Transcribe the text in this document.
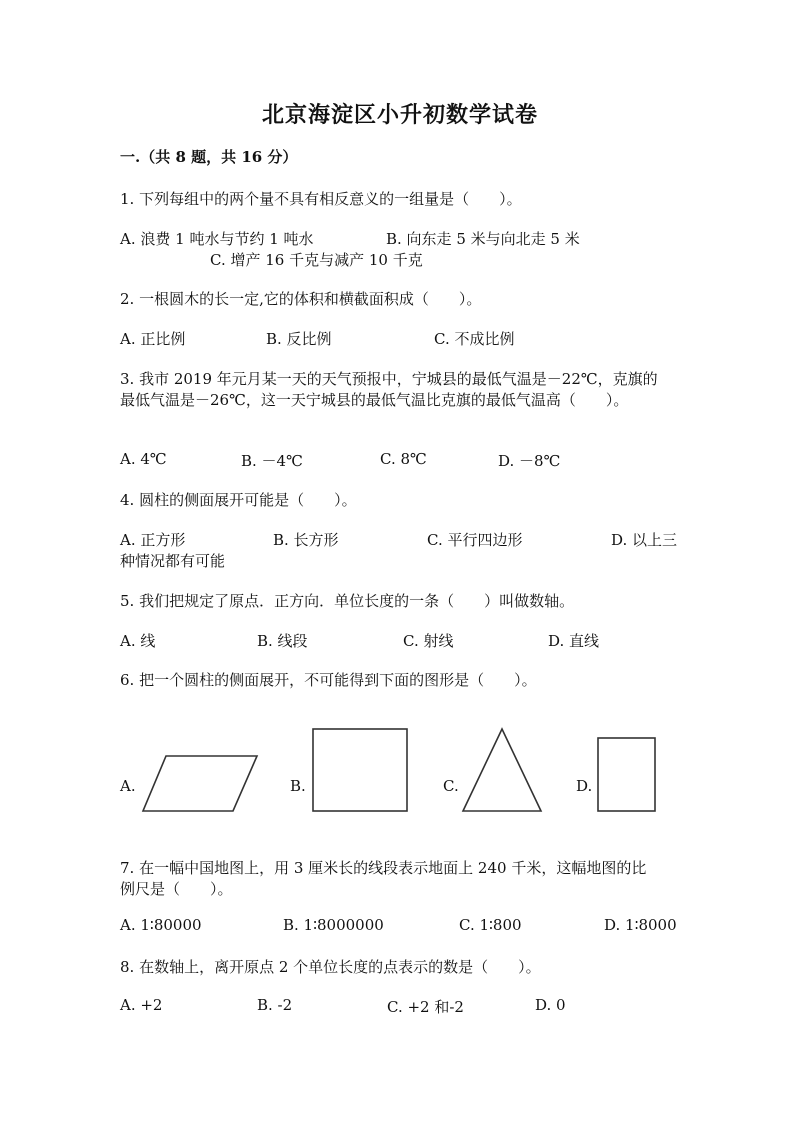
北京海淀区小升初数学试卷
一.（共 8 题，共 16 分）
1. 下列每组中的两个量不具有相反意义的一组量是（　　）。
A. 浪费 1 吨水与节约 1 吨水	B. 向东走 5 米与向北走 5 米
C. 增产 16 千克与减产 10 千克
2. 一根圆木的长一定,它的体积和横截面积成（　　）。
A. 正比例	B. 反比例	C. 不成比例
3. 我市 2019 年元月某一天的天气预报中，宁城县的最低气温是－22℃，克旗的
最低气温是－26℃，这一天宁城县的最低气温比克旗的最低气温高（　　）。
A. 4℃	B. －4℃	C. 8℃	D. －8℃
4. 圆柱的侧面展开可能是（　　）。
A. 正方形	B. 长方形	C. 平行四边形	D. 以上三
种情况都有可能
5. 我们把规定了原点．正方向．单位长度的一条（　　）叫做数轴。
A. 线	B. 线段	C. 射线	D. 直线
6. 把一个圆柱的侧面展开，不可能得到下面的图形是（　　）。
A.	B.	C.	D.
7. 在一幅中国地图上，用 3 厘米长的线段表示地面上 240 千米，这幅地图的比
例尺是（　　）。
A. 1∶80000	B. 1∶8000000	C. 1∶800	D. 1∶8000
8. 在数轴上，离开原点 2 个单位长度的点表示的数是（　　）。
A. +2	B. -2	C. +2 和-2	D. 0
